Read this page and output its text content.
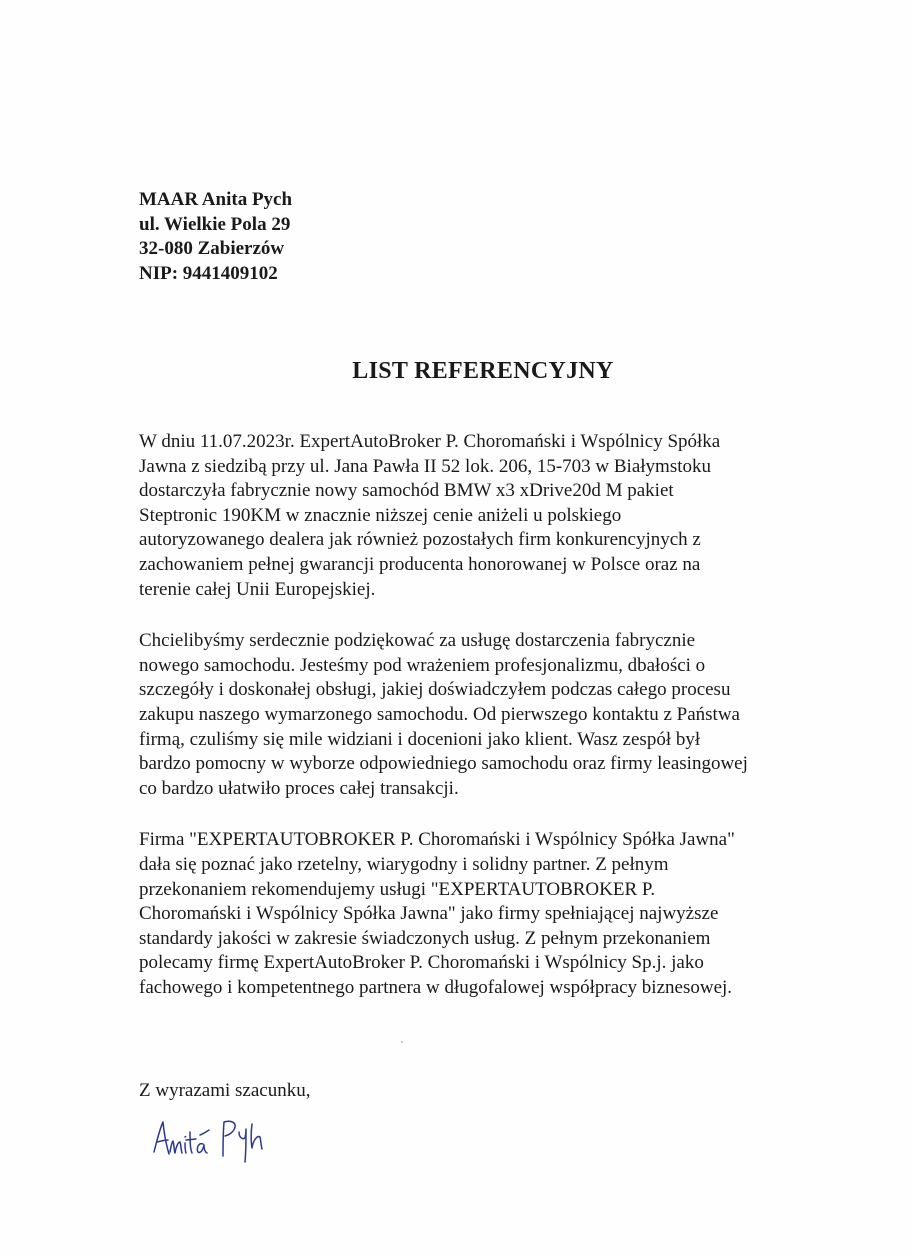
MAAR Anita Pych
ul. Wielkie Pola 29
32-080 Zabierzów
NIP: 9441409102
LIST REFERENCYJNY

W dniu 11.07.2023r. ExpertAutoBroker P. Choromański i Wspólnicy Spółka
Jawna z siedzibą przy ul. Jana Pawła II 52 lok. 206, 15-703 w Białymstoku
dostarczyła fabrycznie nowy samochód BMW x3 xDrive20d M pakiet
Steptronic 190KM w znacznie niższej cenie aniżeli u polskiego
autoryzowanego dealera jak również pozostałych firm konkurencyjnych z
zachowaniem pełnej gwarancji producenta honorowanej w Polsce oraz na
terenie całej Unii Europejskiej.

Chcielibyśmy serdecznie podziękować za usługę dostarczenia fabrycznie
nowego samochodu. Jesteśmy pod wrażeniem profesjonalizmu, dbałości o
szczegóły i doskonałej obsługi, jakiej doświadczyłem podczas całego procesu
zakupu naszego wymarzonego samochodu. Od pierwszego kontaktu z Państwa
firmą, czuliśmy się mile widziani i docenioni jako klient. Wasz zespół był
bardzo pomocny w wyborze odpowiedniego samochodu oraz firmy leasingowej
co bardzo ułatwiło proces całej transakcji.

Firma "EXPERTAUTOBROKER P. Choromański i Wspólnicy Spółka Jawna"
dała się poznać jako rzetelny, wiarygodny i solidny partner. Z pełnym
przekonaniem rekomendujemy usługi "EXPERTAUTOBROKER P.
Choromański i Wspólnicy Spółka Jawna" jako firmy spełniającej najwyższe
standardy jakości w zakresie świadczonych usług. Z pełnym przekonaniem
polecamy firmę ExpertAutoBroker P. Choromański i Wspólnicy Sp.j. jako
fachowego i kompetentnego partnera w długofalowej współpracy biznesowej.

Z wyrazami szacunku,
